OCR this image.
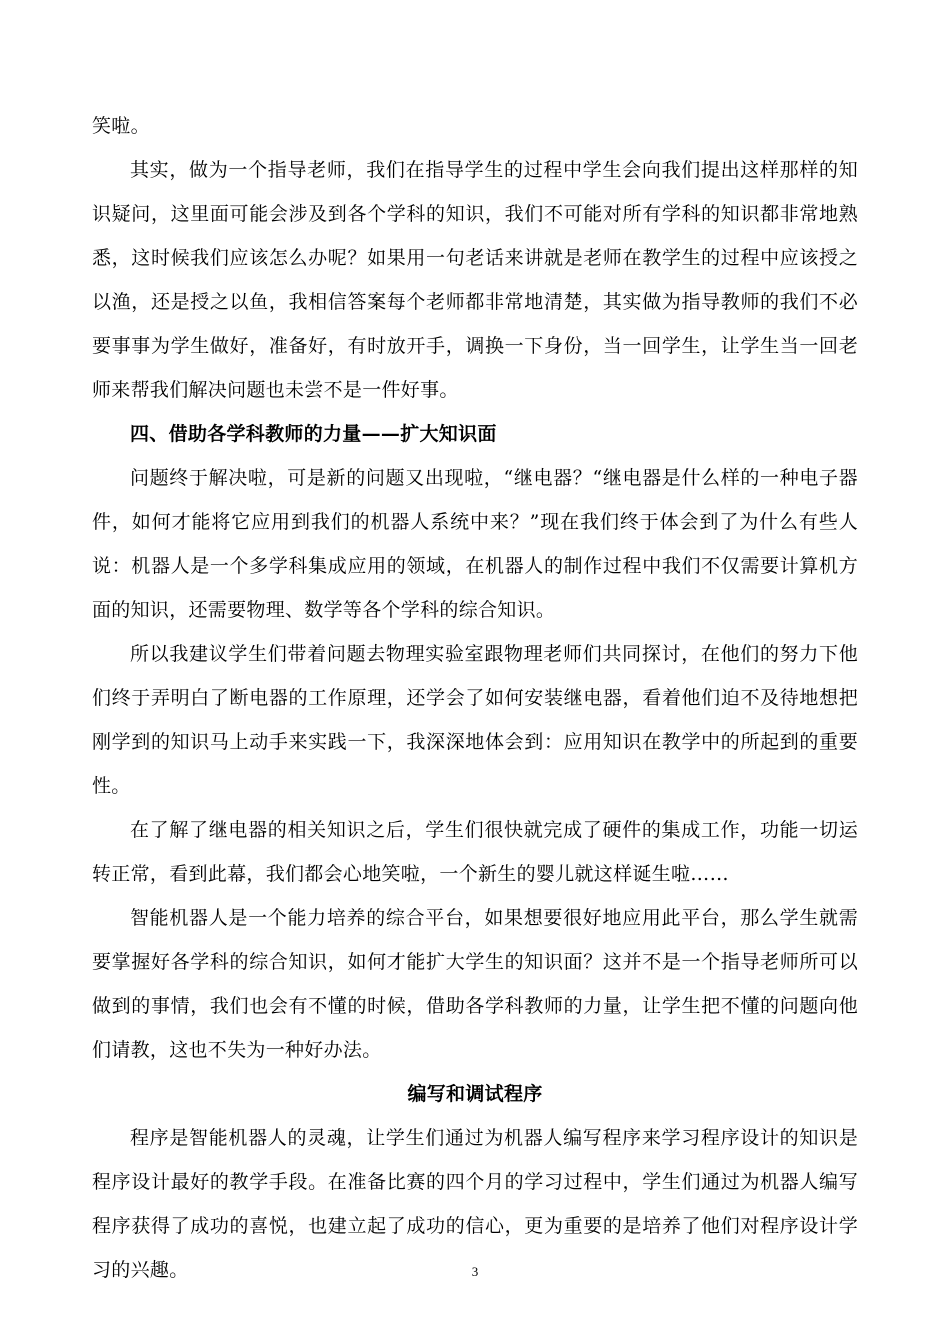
笑啦。

其实，做为一个指导老师，我们在指导学生的过程中学生会向我们提出这样那样的知识疑问，这里面可能会涉及到各个学科的知识，我们不可能对所有学科的知识都非常地熟悉，这时候我们应该怎么办呢？如果用一句老话来讲就是老师在教学生的过程中应该授之以渔，还是授之以鱼，我相信答案每个老师都非常地清楚，其实做为指导教师的我们不必要事事为学生做好，准备好，有时放开手，调换一下身份，当一回学生，让学生当一回老师来帮我们解决问题也未尝不是一件好事。

四、借助各学科教师的力量——扩大知识面

问题终于解决啦，可是新的问题又出现啦，“继电器？“继电器是什么样的一种电子器件，如何才能将它应用到我们的机器人系统中来？”现在我们终于体会到了为什么有些人说：机器人是一个多学科集成应用的领域，在机器人的制作过程中我们不仅需要计算机方面的知识，还需要物理、数学等各个学科的综合知识。

所以我建议学生们带着问题去物理实验室跟物理老师们共同探讨，在他们的努力下他们终于弄明白了断电器的工作原理，还学会了如何安装继电器，看着他们迫不及待地想把刚学到的知识马上动手来实践一下，我深深地体会到：应用知识在教学中的所起到的重要性。

在了解了继电器的相关知识之后，学生们很快就完成了硬件的集成工作，功能一切运转正常，看到此幕，我们都会心地笑啦，一个新生的婴儿就这样诞生啦……

智能机器人是一个能力培养的综合平台，如果想要很好地应用此平台，那么学生就需要掌握好各学科的综合知识，如何才能扩大学生的知识面？这并不是一个指导老师所可以做到的事情，我们也会有不懂的时候，借助各学科教师的力量，让学生把不懂的问题向他们请教，这也不失为一种好办法。

编写和调试程序

程序是智能机器人的灵魂，让学生们通过为机器人编写程序来学习程序设计的知识是程序设计最好的教学手段。在准备比赛的四个月的学习过程中，学生们通过为机器人编写程序获得了成功的喜悦，也建立起了成功的信心，更为重要的是培养了他们对程序设计学习的兴趣。	3
